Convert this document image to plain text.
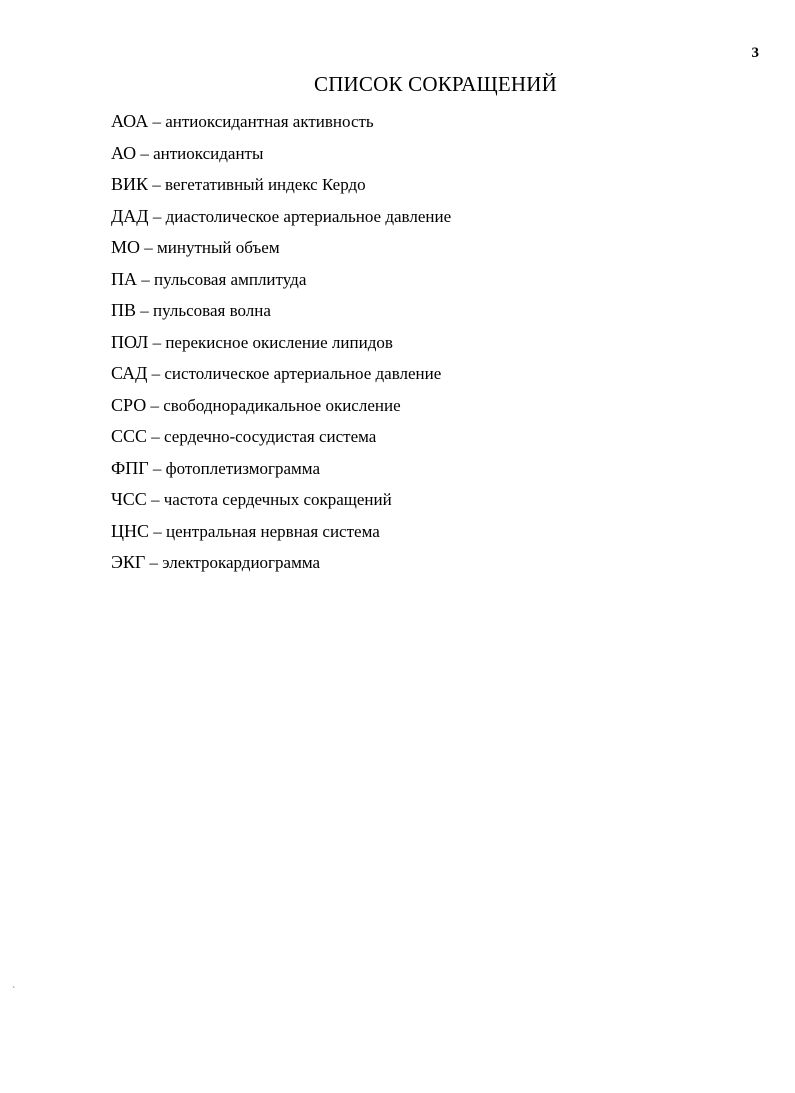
3
СПИСОК СОКРАЩЕНИЙ
АОА – антиоксидантная активность
АО – антиоксиданты
ВИК – вегетативный индекс Кердо
ДАД – диастолическое артериальное давление
МО – минутный объем
ПА – пульсовая амплитуда
ПВ – пульсовая волна
ПОЛ – перекисное окисление липидов
САД – систолическое артериальное давление
СРО – свободнорадикальное окисление
ССС – сердечно-сосудистая система
ФПГ – фотоплетизмограмма
ЧСС – частота сердечных сокращений
ЦНС – центральная нервная система
ЭКГ – электрокардиограмма
`
